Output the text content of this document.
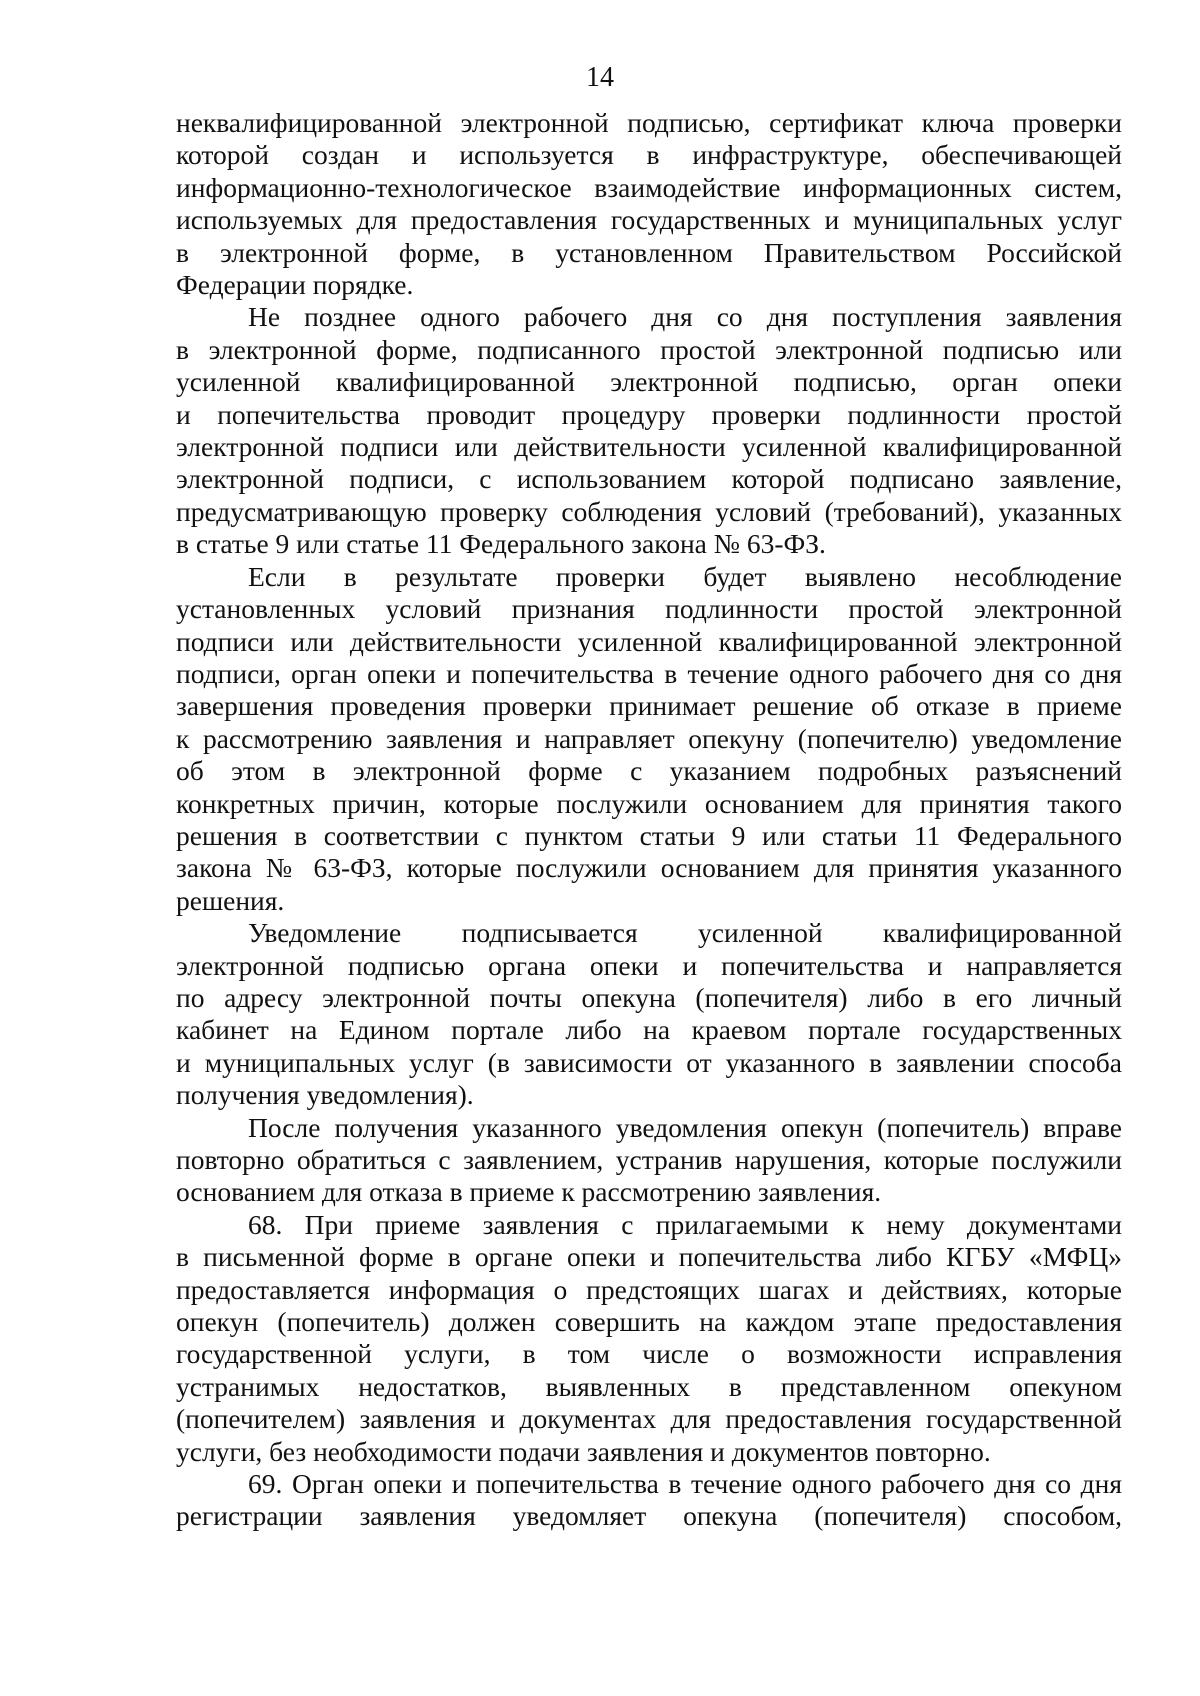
14

неквалифицированной электронной подписью, сертификат ключа проверки

которой создан и используется в инфраструктуре, обеспечивающей

информационно-технологическое взаимодействие информационных систем,

используемых для предоставления государственных и муниципальных услуг

в электронной форме, в установленном Правительством Российской

Федерации порядке.

Не позднее одного рабочего дня со дня поступления заявления

в электронной форме, подписанного простой электронной подписью или

усиленной квалифицированной электронной подписью, орган опеки

и попечительства проводит процедуру проверки подлинности простой

электронной подписи или действительности усиленной квалифицированной

электронной подписи, с использованием которой подписано заявление,

предусматривающую проверку соблюдения условий (требований), указанных

в статье 9 или статье 11 Федерального закона № 63-ФЗ.

Если в результате проверки будет выявлено несоблюдение

установленных условий признания подлинности простой электронной

подписи или действительности усиленной квалифицированной электронной

подписи, орган опеки и попечительства в течение одного рабочего дня со дня

завершения проведения проверки принимает решение об отказе в приеме

к рассмотрению заявления и направляет опекуну (попечителю) уведомление

об этом в электронной форме с указанием подробных разъяснений

конкретных причин, которые послужили основанием для принятия такого

решения в соответствии с пунктом статьи 9 или статьи 11 Федерального

закона № 63-ФЗ, которые послужили основанием для принятия указанного

решения.

Уведомление подписывается усиленной квалифицированной

электронной подписью органа опеки и попечительства и направляется

по адресу электронной почты опекуна (попечителя) либо в его личный

кабинет на Едином портале либо на краевом портале государственных

и муниципальных услуг (в зависимости от указанного в заявлении способа

получения уведомления).

После получения указанного уведомления опекун (попечитель) вправе

повторно обратиться с заявлением, устранив нарушения, которые послужили

основанием для отказа в приеме к рассмотрению заявления.

68. При приеме заявления с прилагаемыми к нему документами

в письменной форме в органе опеки и попечительства либо КГБУ «МФЦ»

предоставляется информация о предстоящих шагах и действиях, которые

опекун (попечитель) должен совершить на каждом этапе предоставления

государственной услуги, в том числе о возможности исправления

устранимых недостатков, выявленных в представленном опекуном

(попечителем) заявления и документах для предоставления государственной

услуги, без необходимости подачи заявления и документов повторно.

69. Орган опеки и попечительства в течение одного рабочего дня со дня

регистрации заявления уведомляет опекуна (попечителя) способом,
